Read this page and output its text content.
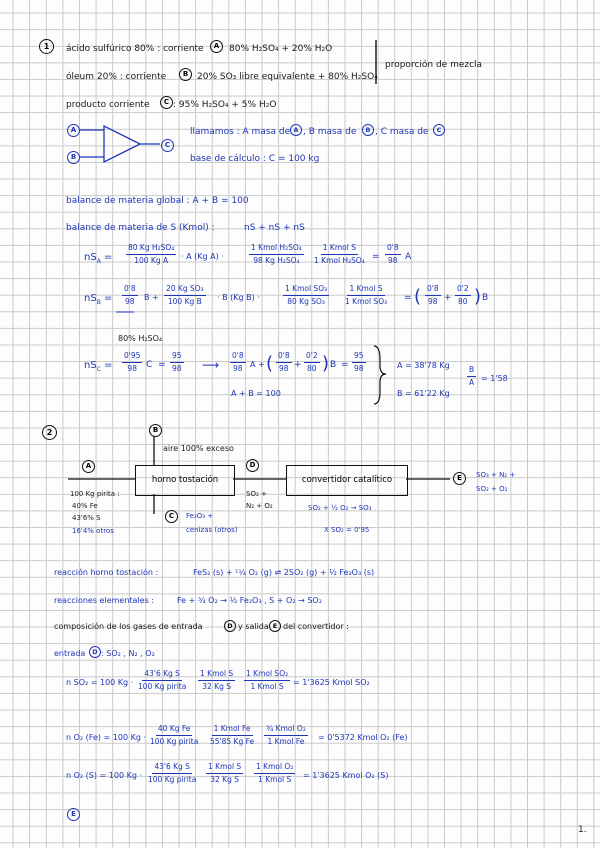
1	ácido sulfúrico 80% : corriente	A	80% H₂SO₄ + 20% H₂O
óleum 20% : corriente	B 20% SO₃ libre equivalente + 80% H₂SO₄
proporción de mezcla
producto corriente	C : 95% H₂SO₄ + 5% H₂O
A
B
C
llamamos : A masa de A , B masa de	B , C masa de	C
base de cálculo : C = 100 kg
balance de materia global : A + B = 100
balance de materia de S (Kmol) :	nS + nS + nS
$nS_A = \frac{\text{80 Kg H₂SO₄}}{\text{100 Kg A}} \cdot A$ (Kg A) ·
1 Kmol H₂SO₄
98 Kg H₂SO₄
1 Kmol S
1 Kmol $H_2SO_4 = \frac{0'8}{98}$ A
$nS_B = \frac{0'8}{98}$ $B + \frac{\text{20 Kg SO₃}}{\text{100 Kg B}} \cdot B$ (Kg B) ·
1 Kmol SO₃
80 Kg SO₃
1 Kmol S
1 Kmol SO₃ = ( $\frac{0'8}{98} + \frac{0'2}{80}$ ) B
80% H₂SO₄
$nS_C = \frac{0'95}{98}$ $C = \frac{95}{98}$ ⟶ $\frac{0'8}{98}$ A + ( $\frac{0'8}{98} + \frac{0'2}{80}$ ) $B = \frac{95}{98}$
A + B = 100
A = 38'78 Kg
B = 61'22 Kg
$\frac{B}{A} = 1'58$
2	B
aire 100% exceso
A
100 Kg pirita :
40% Fe
43'6% S
16'4% otros
horno tostación
D
SO₂ +
N₂ + O₂
convertidor catalítico	E	SO₃ + N₂ +
SO₂ + O₂
C	Fe₂O₃ +
cenizas (otros)
SO₂ + ½ O₂ → SO₃
X SO₂ = 0'95
reacción horno tostación :	FeS₂ (s) + ¹¹⁄₄ O₂ (g) ⇌ 2SO₂ (g) + ½ Fe₂O₃ (s)
reacciones elementales :	Fe + ³⁄₄ O₂ → ½ Fe₂O₃ , S + O₂ → SO₂
composición de los gases de entrada	D y salida E del convertidor :
entrada	D : SO₂ , N₂ , O₂
n SO₂ = 100 Kg ·
43'6 Kg S
100 Kg pirita
1 Kmol S
32 Kg S
1 Kmol SO₂
1 Kmol S = 1'3625 Kmol SO₂
n O₂ (Fe) = 100 Kg ·
40 Kg Fe
100 Kg pirita
1 Kmol Fe
55'85 Kg Fe
³⁄₄ Kmol O₂
1 Kmol Fe = 0'5372 Kmol O₂ (Fe)
n O₂ (S) = 100 Kg ·
43'6 Kg S
100 Kg pirita
1 Kmol S
32 Kg S
1 Kmol O₂
1 Kmol S = 1'3625 Kmol O₂ (S)
E
1.
